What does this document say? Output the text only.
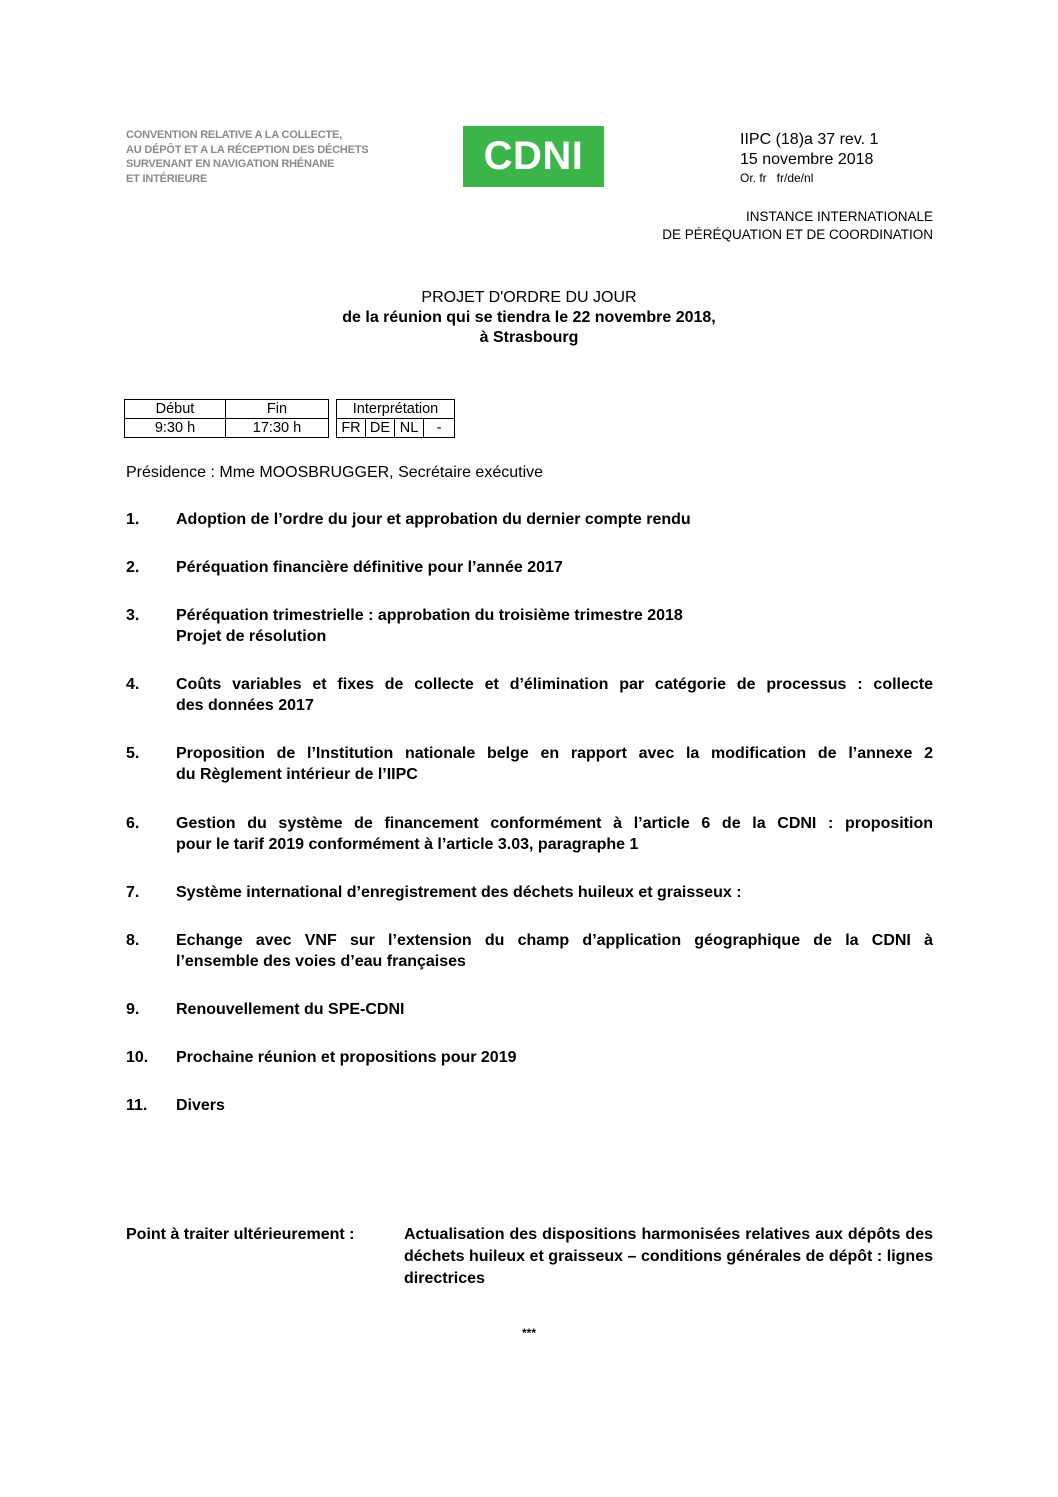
CONVENTION RELATIVE A LA COLLECTE,
AU DÉPÔT ET A LA RÉCEPTION DES DÉCHETS
SURVENANT EN NAVIGATION RHÉNANE
ET INTÉRIEURE
CDNI	IIPC (18)a 37 rev. 1
15 novembre 2018
Or. fr   fr/de/nl
INSTANCE INTERNATIONALE
DE PÉRÉQUATION ET DE COORDINATION
PROJET D'ORDRE DU JOUR
de la réunion qui se tiendra le 22 novembre 2018,
à Strasbourg
Début	Fin		Interprétation			
9:30 h	17:30 h		FR	DE	NL	-
Présidence : Mme MOOSBRUGGER, Secrétaire exécutive
1.	Adoption de l’ordre du jour et approbation du dernier compte rendu
2.	Péréquation financière définitive pour l’année 2017
3.	Péréquation trimestrielle : approbation du troisième trimestre 2018
Projet de résolution
4.	Coûts variables et fixes de collecte et d’élimination par catégorie de processus : collecte
des données 2017
5.	Proposition de l’Institution nationale belge en rapport avec la modification de l’annexe 2
du Règlement intérieur de l’IIPC
6.	Gestion du système de financement conformément à l’article 6 de la CDNI : proposition
pour le tarif 2019 conformément à l’article 3.03, paragraphe 1
7.	Système international d’enregistrement des déchets huileux et graisseux :
8.	Echange avec VNF sur l’extension du champ d’application géographique de la CDNI à
l’ensemble des voies d’eau françaises
9.	Renouvellement du SPE-CDNI
10.	Prochaine réunion et propositions pour 2019
11.	Divers
Point à traiter ultérieurement :	Actualisation des dispositions harmonisées relatives aux dépôts des déchets huileux et graisseux – conditions générales de dépôt : lignes directrices
***
